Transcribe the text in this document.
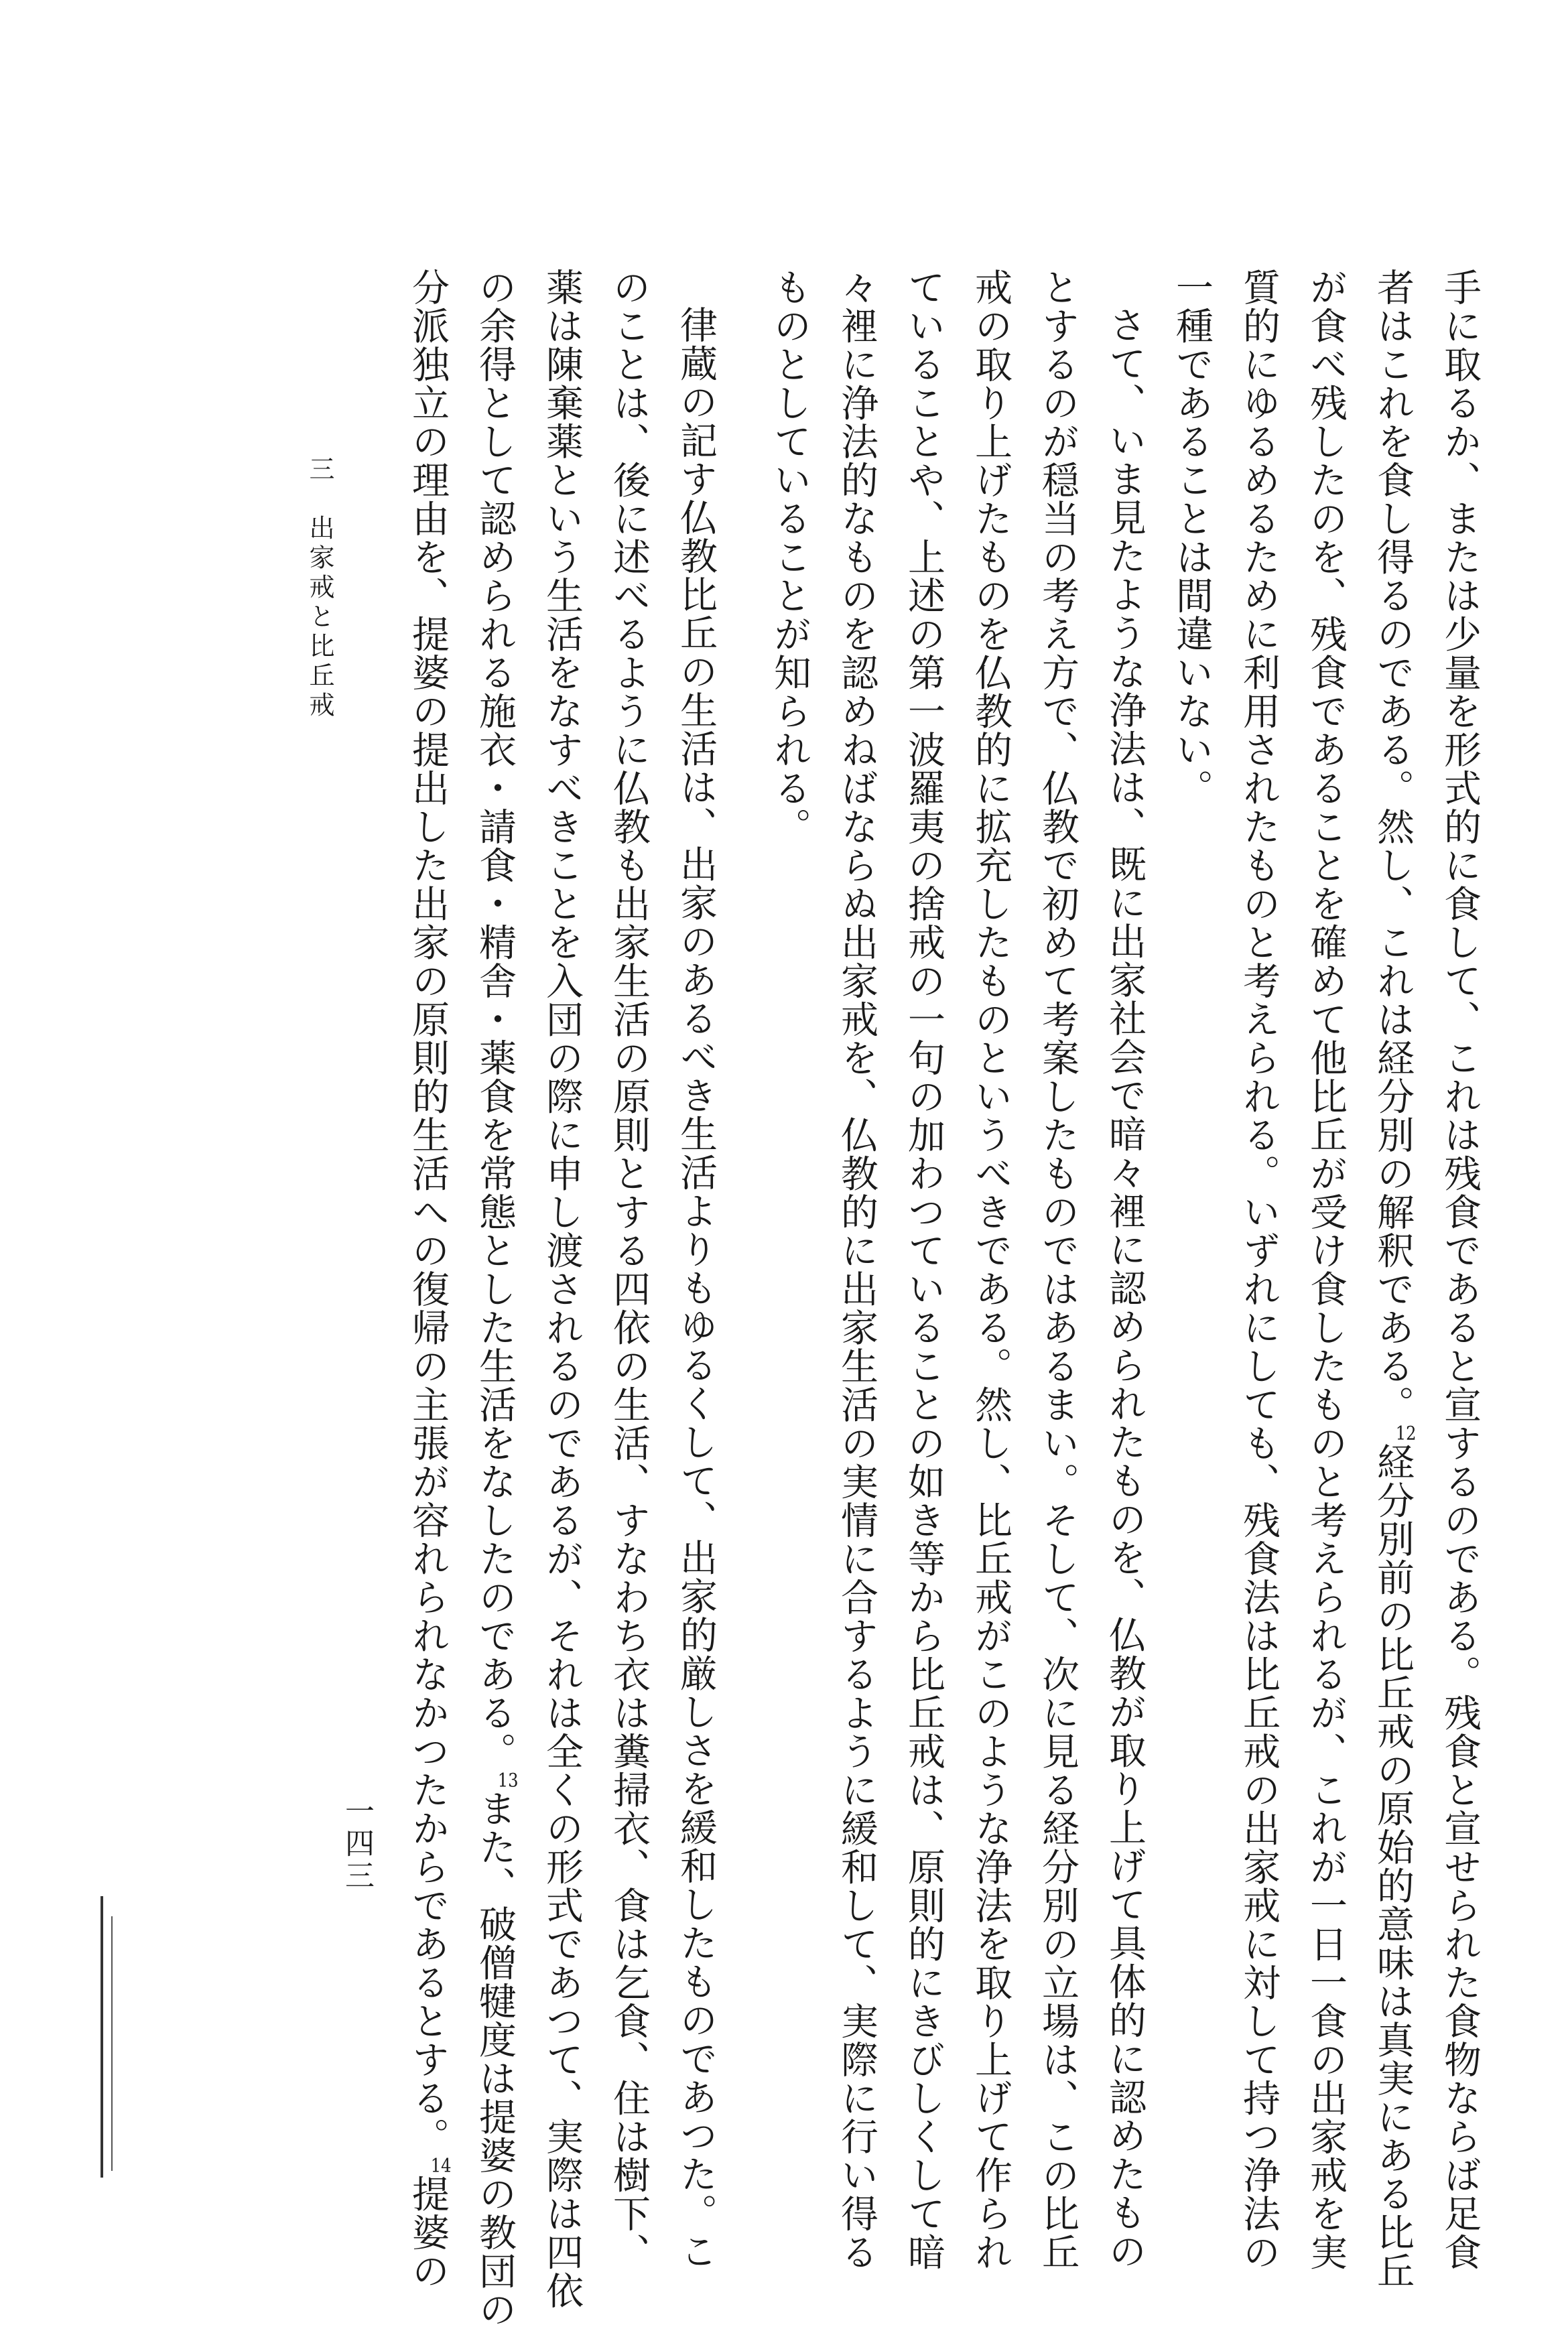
手に取るか、または少量を形式的に食して、これは残食であると宣するのである。残食と宣せられた食物ならば足食
者はこれを食し得るのである。然し、これは経分別の解釈である。$^{12}$経分別前の比丘戒の原始的意味は真実にある比丘
が食べ残したのを、残食であることを確めて他比丘が受け食したものと考えられるが、これが一日一食の出家戒を実
質的にゆるめるために利用されたものと考えられる。いずれにしても、残食法は比丘戒の出家戒に対して持つ浄法の
一種であることは間違いない。
さて、いま見たような浄法は、既に出家社会で暗々裡に認められたものを、仏教が取り上げて具体的に認めたもの
とするのが穏当の考え方で、仏教で初めて考案したものではあるまい。そして、次に見る経分別の立場は、この比丘
戒の取り上げたものを仏教的に拡充したものというべきである。然し、比丘戒がこのような浄法を取り上げて作られ
ていることや、上述の第一波羅夷の捨戒の一句の加わつていることの如き等から比丘戒は、原則的にきびしくして暗
々裡に浄法的なものを認めねばならぬ出家戒を、仏教的に出家生活の実情に合するように緩和して、実際に行い得る
ものとしていることが知られる。
律蔵の記す仏教比丘の生活は、出家のあるべき生活よりもゆるくして、出家的厳しさを緩和したものであつた。こ
のことは、後に述べるように仏教も出家生活の原則とする四依の生活、すなわち衣は糞掃衣、食は乞食、住は樹下、
薬は陳棄薬という生活をなすべきことを入団の際に申し渡されるのであるが、それは全くの形式であつて、実際は四依
の余得として認められる施衣・請食・精舎・薬食を常態とした生活をなしたのである。$^{13}$また、破僧犍度は提婆の教団の
分派独立の理由を、提婆の提出した出家の原則的生活への復帰の主張が容れられなかつたからであるとする。$^{14}$提婆の
三　出家戒と比丘戒
一四三
